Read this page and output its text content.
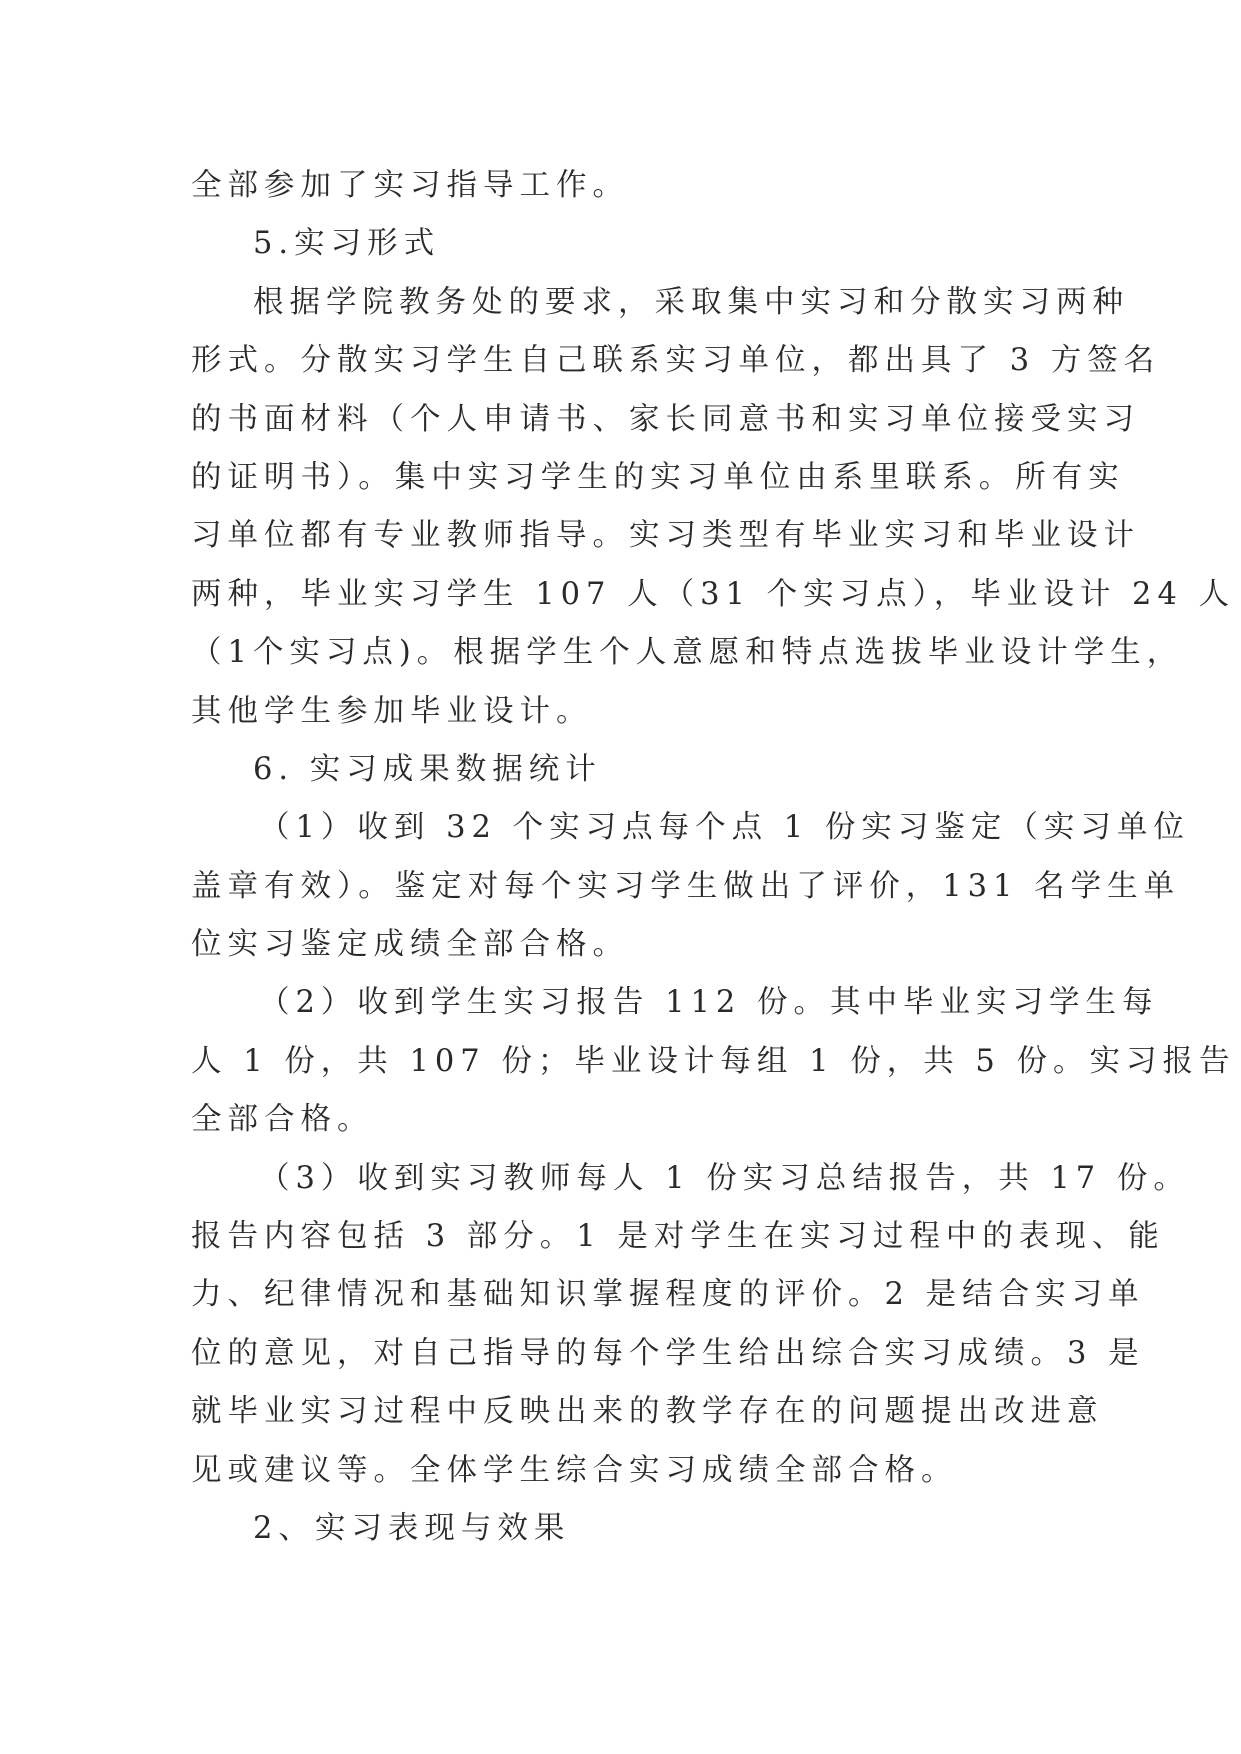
全部参加了实习指导工作。
5.实习形式
根据学院教务处的要求，采取集中实习和分散实习两种
形式。分散实习学生自己联系实习单位，都出具了 3 方签名
的书面材料（个人申请书、家长同意书和实习单位接受实习
的证明书）。集中实习学生的实习单位由系里联系。所有实
习单位都有专业教师指导。实习类型有毕业实习和毕业设计
两种，毕业实习学生 107 人（31 个实习点），毕业设计 24 人
（1个实习点)。根据学生个人意愿和特点选拔毕业设计学生，
其他学生参加毕业设计。
6. 实习成果数据统计
（1）收到 32 个实习点每个点 1 份实习鉴定（实习单位
盖章有效）。鉴定对每个实习学生做出了评价，131 名学生单
位实习鉴定成绩全部合格。
（2）收到学生实习报告 112 份。其中毕业实习学生每
人 1 份，共 107 份；毕业设计每组 1 份，共 5 份。实习报告
全部合格。
（3）收到实习教师每人 1 份实习总结报告，共 17 份。
报告内容包括 3 部分。1 是对学生在实习过程中的表现、能
力、纪律情况和基础知识掌握程度的评价。2 是结合实习单
位的意见，对自己指导的每个学生给出综合实习成绩。3 是
就毕业实习过程中反映出来的教学存在的问题提出改进意
见或建议等。全体学生综合实习成绩全部合格。
2、实习表现与效果
